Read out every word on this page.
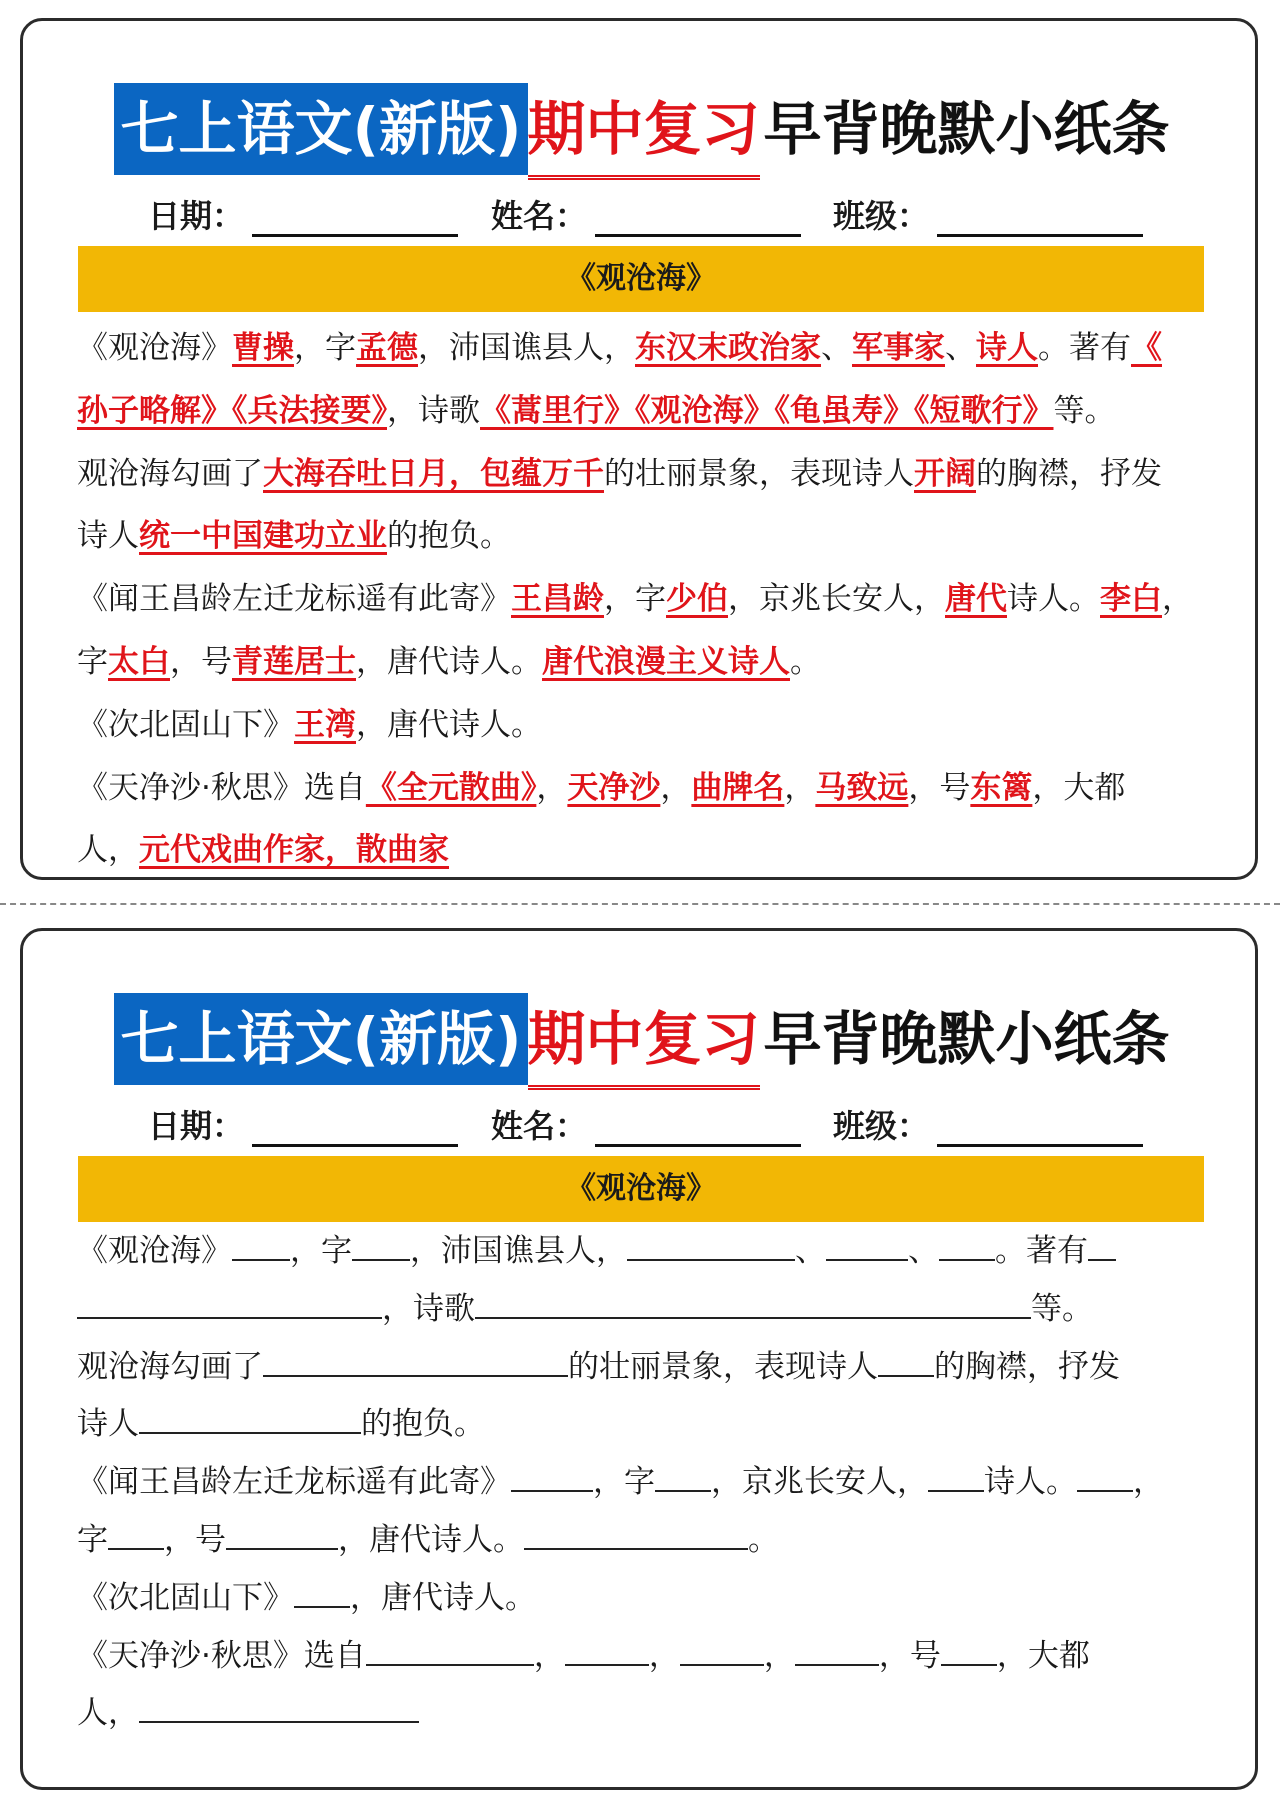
七上语文(新版) 期中复习早背晚默小纸条
日期：	姓名：	班级：
《观沧海》
《观沧海》曹操，字孟德，沛国谯县人，东汉末政治家、军事家、诗人。著有《
孙子略解》《兵法接要》，诗歌《蒿里行》《观沧海》《龟虽寿》《短歌行》等。
观沧海勾画了大海吞吐日月，包蕴万千的壮丽景象，表现诗人开阔的胸襟，抒发
诗人统一中国建功立业的抱负。
《闻王昌龄左迁龙标遥有此寄》王昌龄，字少伯，京兆长安人，唐代诗人。李白，
字太白，号青莲居士，唐代诗人。唐代浪漫主义诗人。
《次北固山下》王湾，唐代诗人。
《天净沙·秋思》选自《全元散曲》，天净沙，曲牌名，马致远，号东篱，大都
人，元代戏曲作家，散曲家
七上语文(新版) 期中复习早背晚默小纸条
日期：	姓名：	班级：
《观沧海》
《观沧海》 ，字 ，沛国谯县人，	、	、 。著有
，诗歌	等。
观沧海勾画了	的壮丽景象，表现诗人 的胸襟，抒发
诗人	的抱负。
《闻王昌龄左迁龙标遥有此寄》	，字 ，京兆长安人， 诗人。 ，
字 ，号	，唐代诗人。	。
《次北固山下》 ，唐代诗人。
《天净沙·秋思》选自	，	，	，	，号 ，大都
人，
